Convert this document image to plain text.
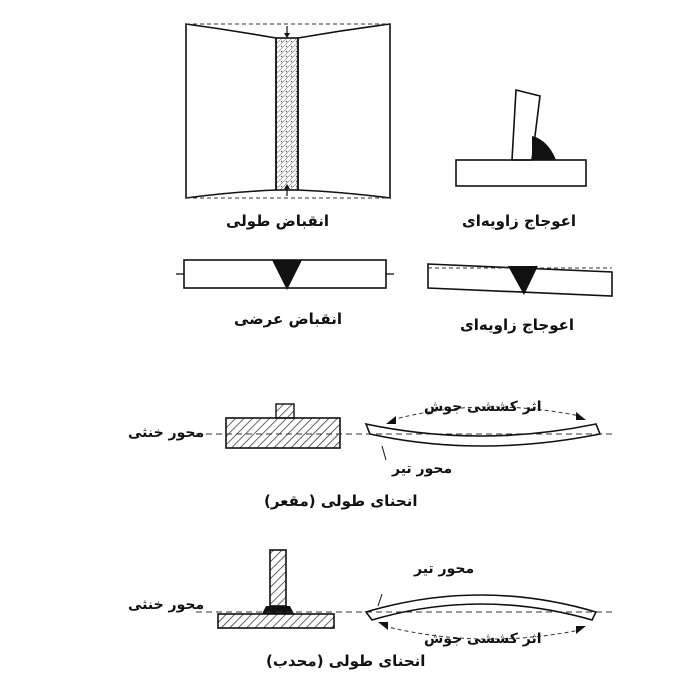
انقباض طولی	اعوجاج زاویه‌ای
انقباض عرضی	اعوجاج زاویه‌ای
محور خنثی
اثر کششی جوش
محور تیر
انحنای طولی (مقعر)
محور تیر
محور خنثی
اثر کششی جوش
انحنای طولی (محدب)
